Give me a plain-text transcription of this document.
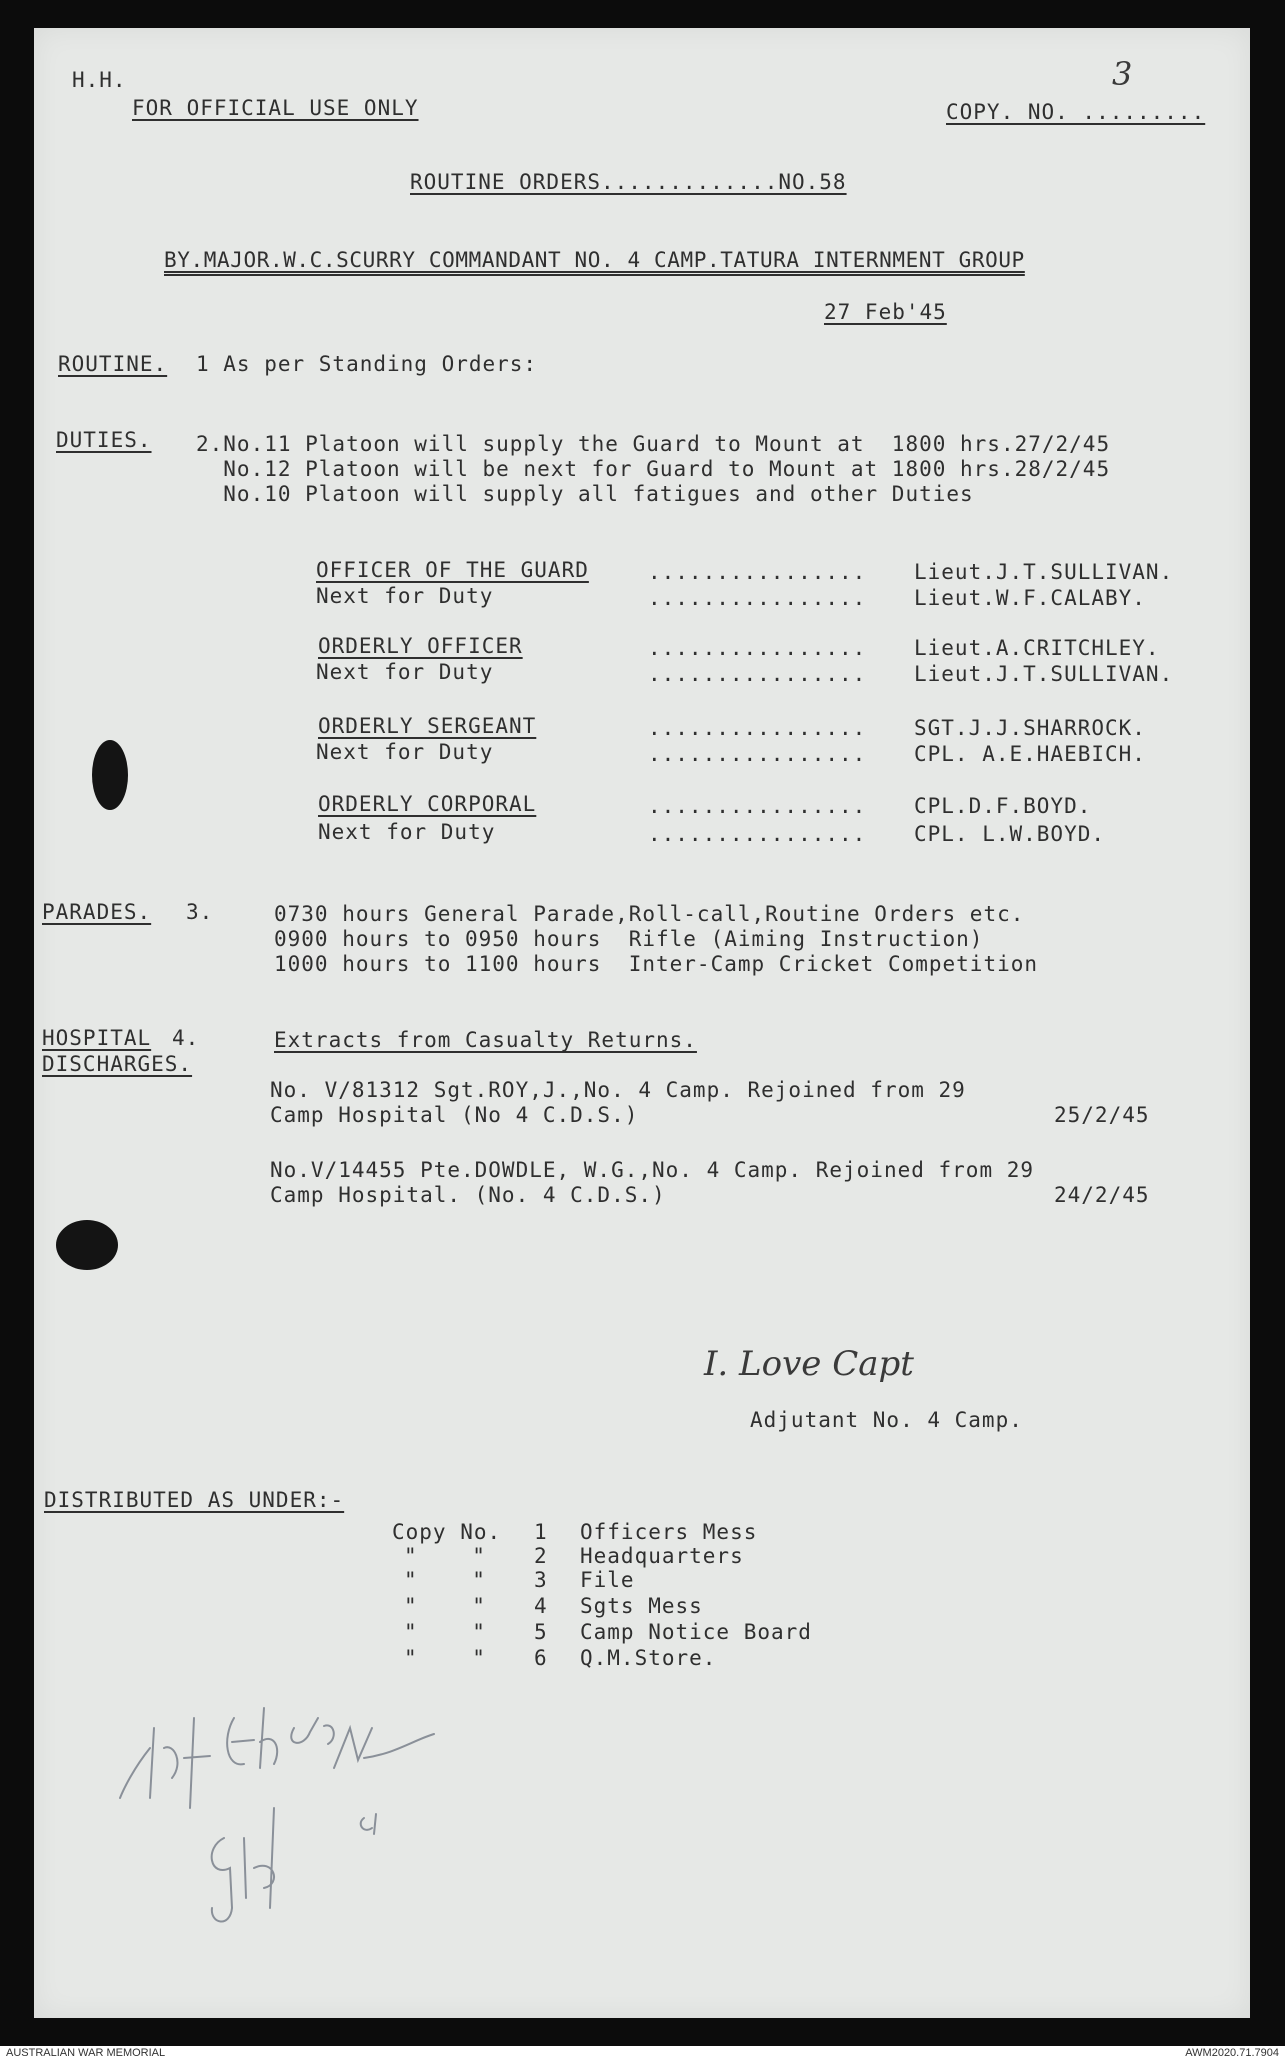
H.H.
FOR OFFICIAL USE ONLY	COPY. NO. .........
3
ROUTINE ORDERS.............NO.58
BY.MAJOR.W.C.SCURRY COMMANDANT NO. 4 CAMP.TATURA INTERNMENT GROUP
27 Feb'45
ROUTINE. 1 As per Standing Orders:
DUTIES. 2.No.11 Platoon will supply the Guard to Mount at  1800 hrs.27/2/45
No.12 Platoon will be next for Guard to Mount at 1800 hrs.28/2/45
No.10 Platoon will supply all fatigues and other Duties
OFFICER OF THE GUARD	................ Lieut.J.T.SULLIVAN.
Next for Duty	................ Lieut.W.F.CALABY.
ORDERLY OFFICER	................ Lieut.A.CRITCHLEY.
Next for Duty	................ Lieut.J.T.SULLIVAN.
ORDERLY SERGEANT	................ SGT.J.J.SHARROCK.
Next for Duty	................ CPL. A.E.HAEBICH.
ORDERLY CORPORAL	................ CPL.D.F.BOYD.
Next for Duty	................ CPL. L.W.BOYD.
PARADES. 3.	0730 hours General Parade,Roll-call,Routine Orders etc.
0900 hours to 0950 hours  Rifle (Aiming Instruction)
1000 hours to 1100 hours  Inter-Camp Cricket Competition
HOSPITAL 4.
DISCHARGES.
Extracts from Casualty Returns.
No. V/81312 Sgt.ROY,J.,No. 4 Camp. Rejoined from 29
Camp Hospital (No 4 C.D.S.)	25/2/45
No.V/14455 Pte.DOWDLE, W.G.,No. 4 Camp. Rejoined from 29
Camp Hospital. (No. 4 C.D.S.)	24/2/45
I. Love Capt
Adjutant No. 4 Camp.
DISTRIBUTED AS UNDER:-
Copy No. 1 Officers Mess
"    " 2 Headquarters
"    " 3 File
"    " 4 Sgts Mess
"    " 5 Camp Notice Board
"    " 6 Q.M.Store.
AUSTRALIAN WAR MEMORIAL	AWM2020.71.7904
